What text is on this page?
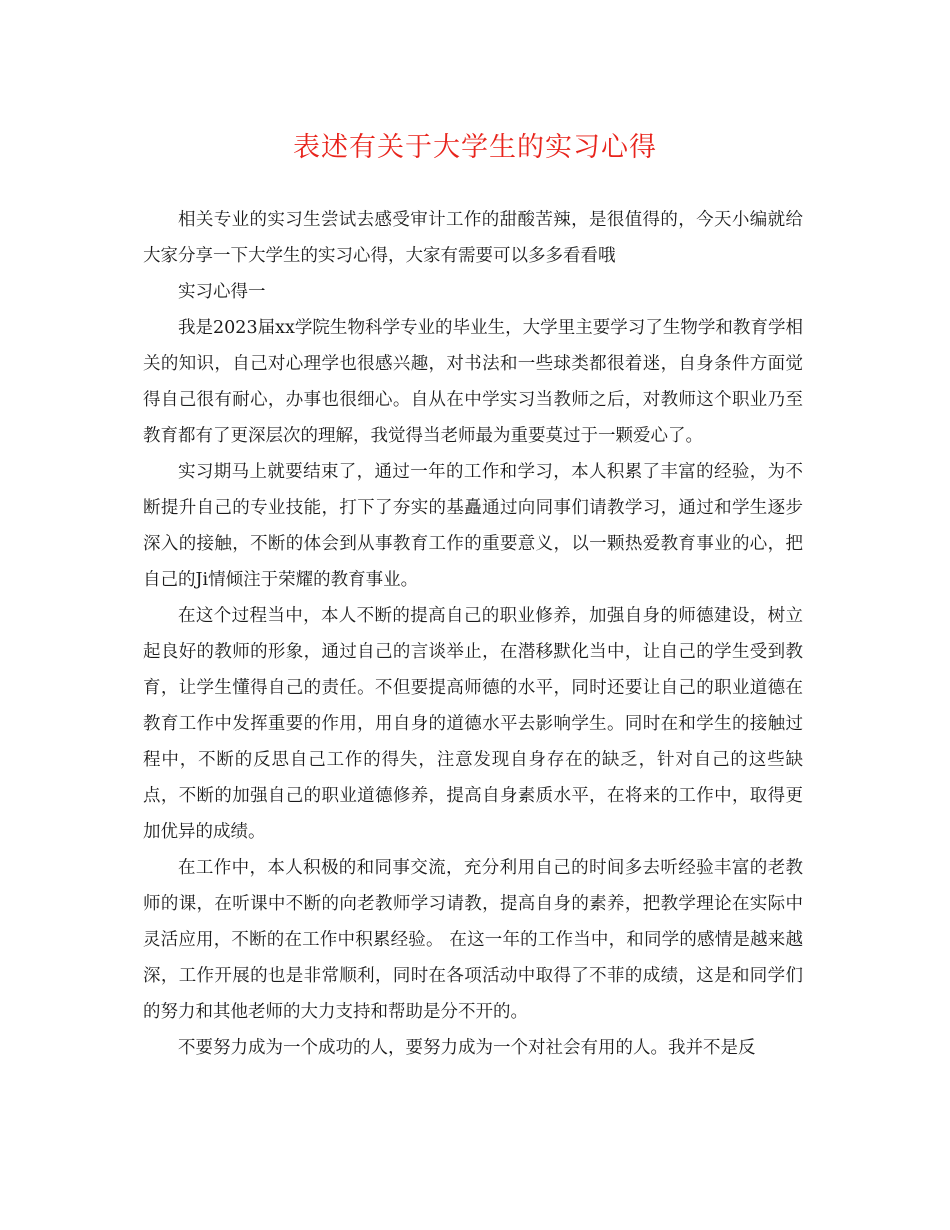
表述有关于大学生的实习心得

相关专业的实习生尝试去感受审计工作的甜酸苦辣，是很值得的，今天小编就给大家分享一下大学生的实习心得，大家有需要可以多多看看哦

实习心得一

我是2023届xx学院生物科学专业的毕业生，大学里主要学习了生物学和教育学相关的知识，自己对心理学也很感兴趣，对书法和一些球类都很着迷，自身条件方面觉得自己很有耐心，办事也很细心。自从在中学实习当教师之后，对教师这个职业乃至教育都有了更深层次的理解，我觉得当老师最为重要莫过于一颗爱心了。

实习期马上就要结束了，通过一年的工作和学习，本人积累了丰富的经验，为不断提升自己的专业技能，打下了夯实的基矗通过向同事们请教学习，通过和学生逐步深入的接触，不断的体会到从事教育工作的重要意义，以一颗热爱教育事业的心，把自己的Ji情倾注于荣耀的教育事业。

在这个过程当中，本人不断的提高自己的职业修养，加强自身的师德建设，树立起良好的教师的形象，通过自己的言谈举止，在潜移默化当中，让自己的学生受到教育，让学生懂得自己的责任。不但要提高师德的水平，同时还要让自己的职业道德在教育工作中发挥重要的作用，用自身的道德水平去影响学生。同时在和学生的接触过程中，不断的反思自己工作的得失，注意发现自身存在的缺乏，针对自己的这些缺点，不断的加强自己的职业道德修养，提高自身素质水平，在将来的工作中，取得更加优异的成绩。

在工作中，本人积极的和同事交流，充分利用自己的时间多去听经验丰富的老教师的课，在听课中不断的向老教师学习请教，提高自身的素养，把教学理论在实际中灵活应用，不断的在工作中积累经验。 在这一年的工作当中，和同学的感情是越来越深，工作开展的也是非常顺利，同时在各项活动中取得了不菲的成绩，这是和同学们的努力和其他老师的大力支持和帮助是分不开的。

不要努力成为一个成功的人，要努力成为一个对社会有用的人。我并不是反
